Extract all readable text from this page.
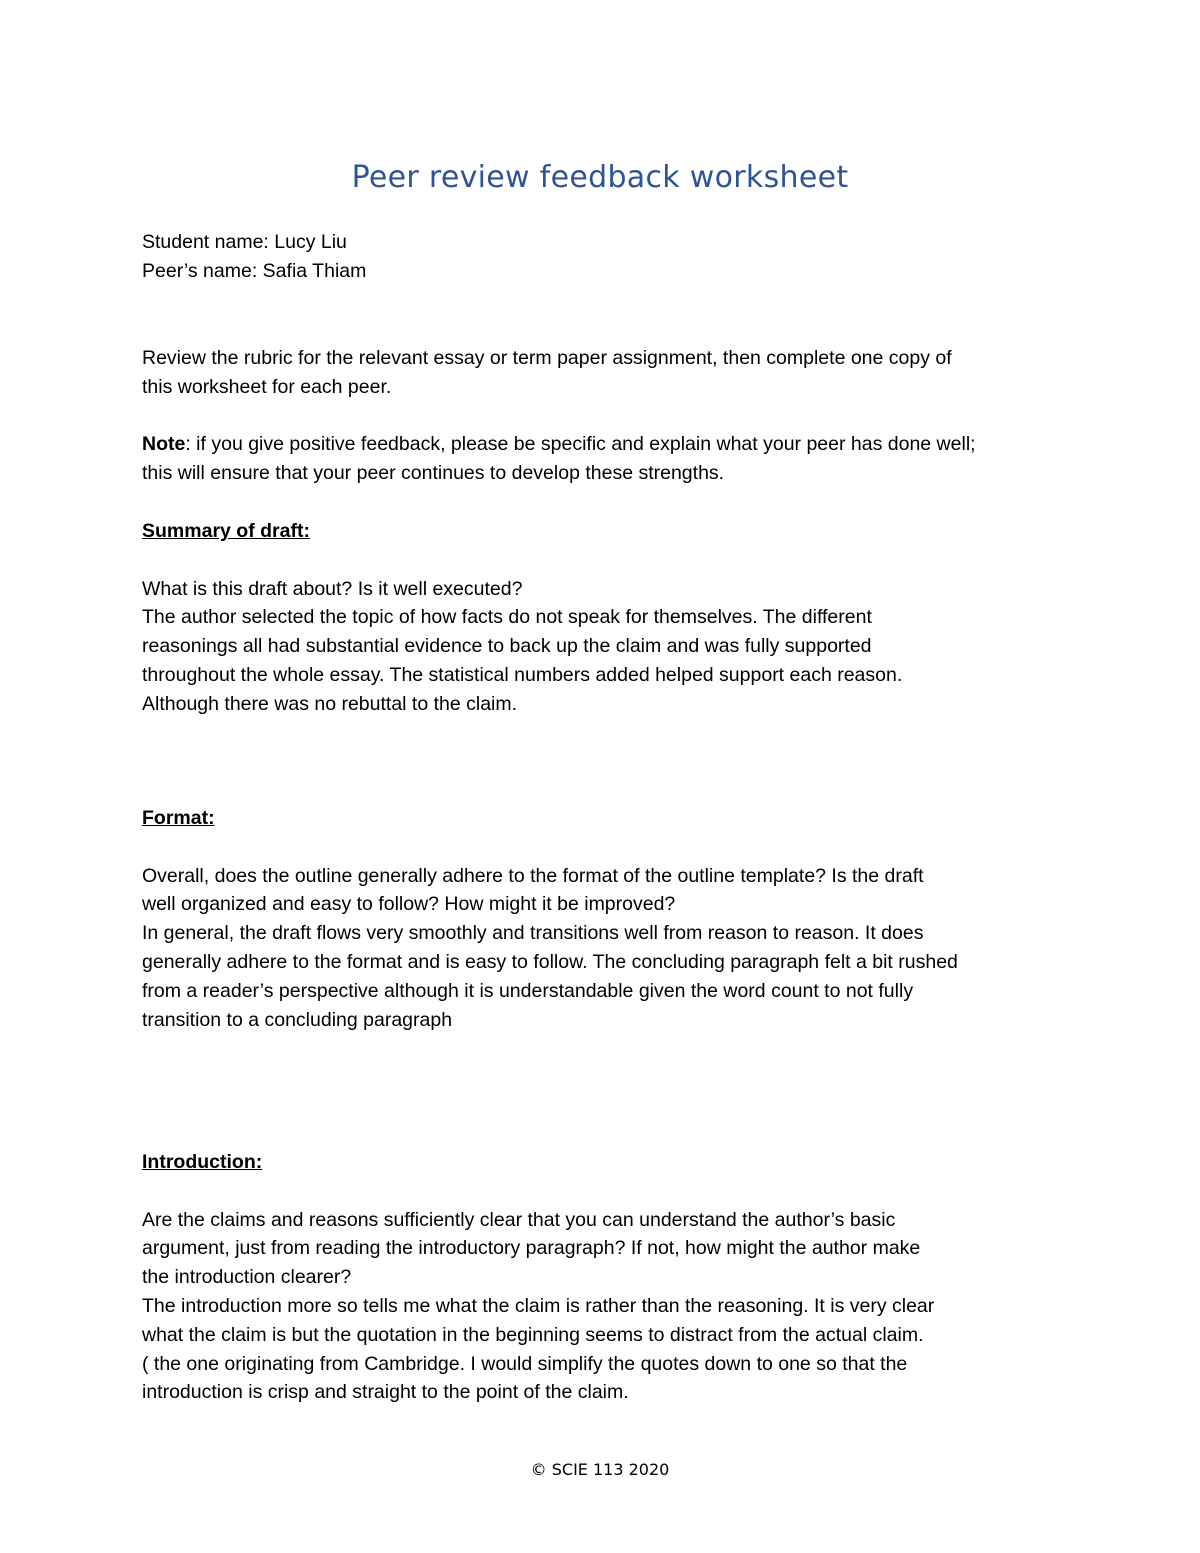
Peer review feedback worksheet
Student name: Lucy Liu
Peer’s name: Safia Thiam
Review the rubric for the relevant essay or term paper assignment, then complete one copy of
this worksheet for each peer.
Note: if you give positive feedback, please be specific and explain what your peer has done well;
this will ensure that your peer continues to develop these strengths.
Summary of draft:
What is this draft about? Is it well executed?
The author selected the topic of how facts do not speak for themselves. The different
reasonings all had substantial evidence to back up the claim and was fully supported
throughout the whole essay. The statistical numbers added helped support each reason.
Although there was no rebuttal to the claim.
Format:
Overall, does the outline generally adhere to the format of the outline template? Is the draft
well organized and easy to follow? How might it be improved?
In general, the draft flows very smoothly and transitions well from reason to reason. It does
generally adhere to the format and is easy to follow. The concluding paragraph felt a bit rushed
from a reader’s perspective although it is understandable given the word count to not fully
transition to a concluding paragraph
Introduction:
Are the claims and reasons sufficiently clear that you can understand the author’s basic
argument, just from reading the introductory paragraph? If not, how might the author make
the introduction clearer?
The introduction more so tells me what the claim is rather than the reasoning. It is very clear
what the claim is but the quotation in the beginning seems to distract from the actual claim.
( the one originating from Cambridge. I would simplify the quotes down to one so that the
introduction is crisp and straight to the point of the claim.
© SCIE 113 2020
